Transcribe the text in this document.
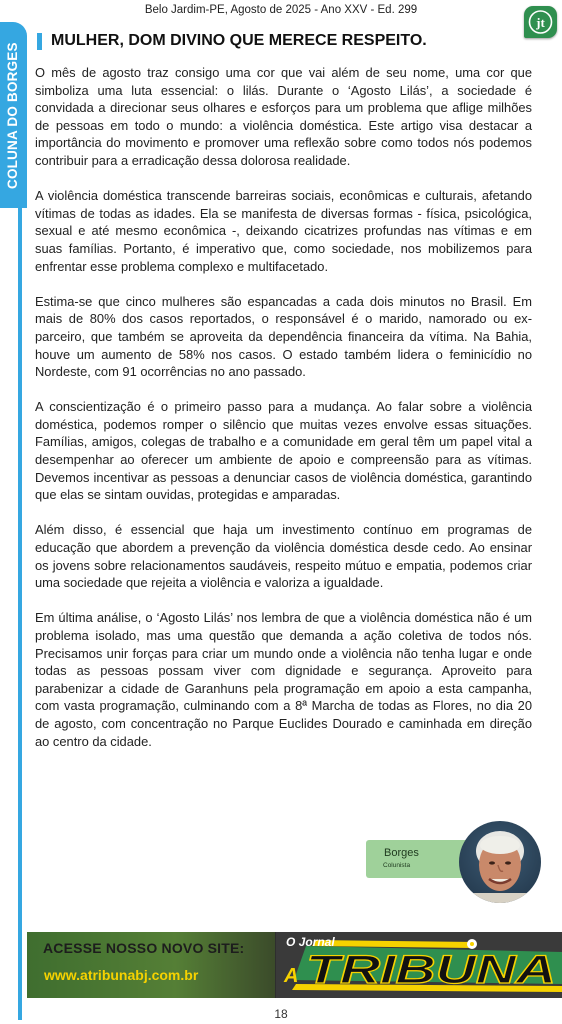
Belo Jardim-PE, Agosto de 2025 - Ano XXV - Ed. 299
jt
COLUNA DO BORGES
MULHER, DOM DIVINO QUE MERECE RESPEITO.

O mês de agosto traz consigo uma cor que vai além de seu nome, uma cor que simboliza uma luta essencial: o lilás. Durante o ‘Agosto Lilás’, a sociedade é convidada a direcionar seus olhares e esforços para um problema que aflige milhões de pessoas em todo o mundo: a violência doméstica. Este artigo visa destacar a importância do movimento e promover uma reflexão sobre como todos nós podemos contribuir para a erradicação dessa dolorosa realidade.

A violência doméstica transcende barreiras sociais, econômicas e culturais, afetando vítimas de todas as idades. Ela se manifesta de diversas formas - física, psicológica, sexual e até mesmo econômica -, deixando cicatrizes profundas nas vítimas e em suas famílias. Portanto, é imperativo que, como sociedade, nos mobilizemos para enfrentar esse problema complexo e multifacetado.

Estima-se que cinco mulheres são espancadas a cada dois minutos no Brasil. Em mais de 80% dos casos reportados, o responsável é o marido, namorado ou ex-parceiro, que também se aproveita da dependência financeira da vítima. Na Bahia, houve um aumento de 58% nos casos. O estado também lidera o feminicídio no Nordeste, com 91 ocorrências no ano passado.

A conscientização é o primeiro passo para a mudança. Ao falar sobre a violência doméstica, podemos romper o silêncio que muitas vezes envolve essas situações. Famílias, amigos, colegas de trabalho e a comunidade em geral têm um papel vital a desempenhar ao oferecer um ambiente de apoio e compreensão para as vítimas. Devemos incentivar as pessoas a denunciar casos de violência doméstica, garantindo que elas se sintam ouvidas, protegidas e amparadas.

Além disso, é essencial que haja um investimento contínuo em programas de educação que abordem a prevenção da violência doméstica desde cedo. Ao ensinar os jovens sobre relacionamentos saudáveis, respeito mútuo e empatia, podemos criar uma sociedade que rejeita a violência e valoriza a igualdade.

Em última análise, o ‘Agosto Lilás’ nos lembra de que a violência doméstica não é um problema isolado, mas uma questão que demanda a ação coletiva de todos nós. Precisamos unir forças para criar um mundo onde a violência não tenha lugar e onde todas as pessoas possam viver com dignidade e segurança. Aproveito para parabenizar a cidade de Garanhuns pela programação em apoio a esta campanha, com vasta programação, culminando com a 8ª Marcha de todas as Flores, no dia 20 de agosto, com concentração no Parque Euclides Dourado e caminhada em direção ao centro da cidade.

Borges
Colunista
ACESSE NOSSO NOVO SITE:
www.atribunabj.com.br
O Jornal
A TRIBUNA
18
